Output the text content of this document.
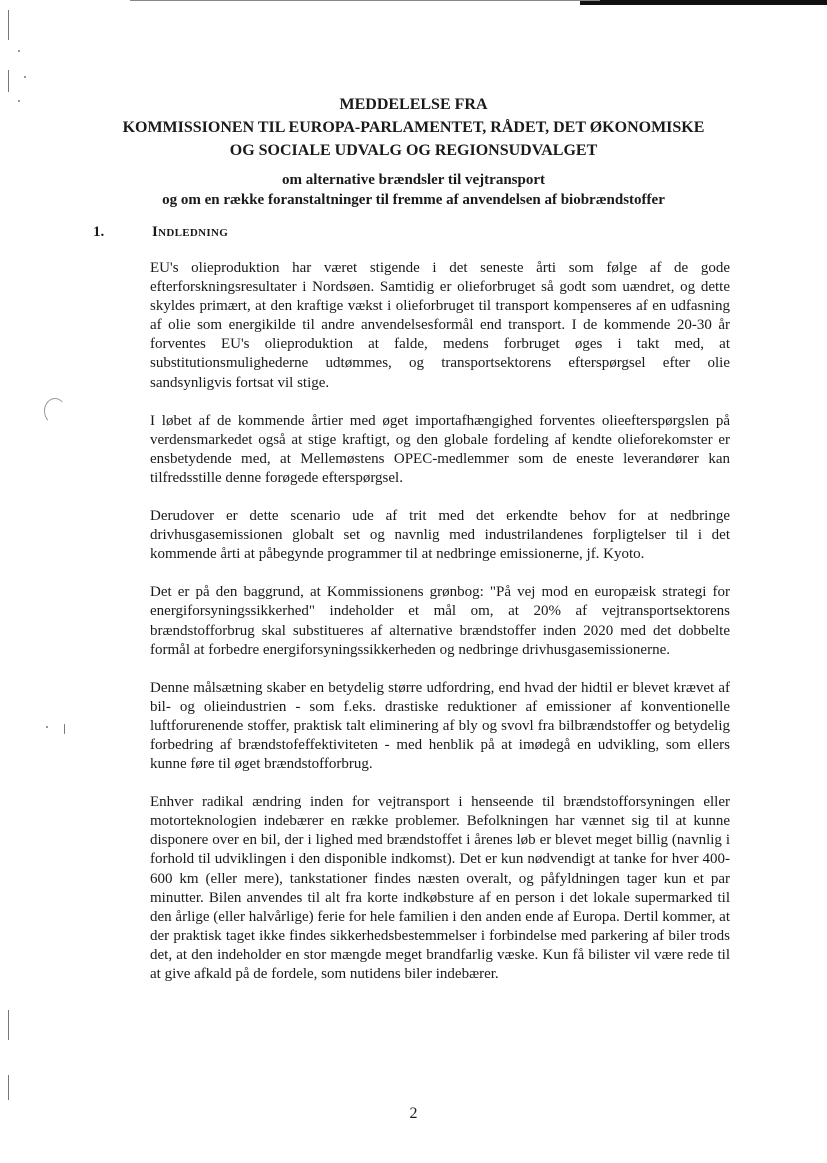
MEDDELELSE FRA
KOMMISSIONEN TIL EUROPA-PARLAMENTET, RÅDET, DET ØKONOMISKE
OG SOCIALE UDVALG OG REGIONSUDVALGET
om alternative brændsler til vejtransport
og om en række foranstaltninger til fremme af anvendelsen af biobrændstoffer
1.	Indledning

EU's olieproduktion har været stigende i det seneste årti som følge af de gode efterforskningsresultater i Nordsøen. Samtidig er olieforbruget så godt som uændret, og dette skyldes primært, at den kraftige vækst i olieforbruget til transport kompenseres af en udfasning af olie som energikilde til andre anvendelsesformål end transport. I de kommende 20-30 år forventes EU's olieproduktion at falde, medens forbruget øges i takt med, at substitutionsmulighederne udtømmes, og transportsektorens efterspørgsel efter olie sandsynligvis fortsat vil stige.

I løbet af de kommende årtier med øget importafhængighed forventes olieefterspørgslen på verdensmarkedet også at stige kraftigt, og den globale fordeling af kendte olieforekomster er ensbetydende med, at Mellemøstens OPEC-medlemmer som de eneste leverandører kan tilfredsstille denne forøgede efterspørgsel.

Derudover er dette scenario ude af trit med det erkendte behov for at nedbringe drivhusgasemissionen globalt set og navnlig med industrilandenes forpligtelser til i det kommende årti at påbegynde programmer til at nedbringe emissionerne, jf. Kyoto.

Det er på den baggrund, at Kommissionens grønbog: "På vej mod en europæisk strategi for energiforsyningssikkerhed" indeholder et mål om, at 20% af vejtransportsektorens brændstofforbrug skal substitueres af alternative brændstoffer inden 2020 med det dobbelte formål at forbedre energiforsyningssikkerheden og nedbringe drivhusgasemissionerne.

Denne målsætning skaber en betydelig større udfordring, end hvad der hidtil er blevet krævet af bil- og olieindustrien - som f.eks. drastiske reduktioner af emissioner af konventionelle luftforurenende stoffer, praktisk talt eliminering af bly og svovl fra bilbrændstoffer og betydelig forbedring af brændstofeffektiviteten - med henblik på at imødegå en udvikling, som ellers kunne føre til øget brændstofforbrug.

Enhver radikal ændring inden for vejtransport i henseende til brændstofforsyningen eller motorteknologien indebærer en række problemer. Befolkningen har vænnet sig til at kunne disponere over en bil, der i lighed med brændstoffet i årenes løb er blevet meget billig (navnlig i forhold til udviklingen i den disponible indkomst). Det er kun nødvendigt at tanke for hver 400-600 km (eller mere), tankstationer findes næsten overalt, og påfyldningen tager kun et par minutter. Bilen anvendes til alt fra korte indkøbsture af en person i det lokale supermarked til den årlige (eller halvårlige) ferie for hele familien i den anden ende af Europa. Dertil kommer, at der praktisk taget ikke findes sikkerhedsbestemmelser i forbindelse med parkering af biler trods det, at den indeholder en stor mængde meget brandfarlig væske. Kun få bilister vil være rede til at give afkald på de fordele, som nutidens biler indebærer.

2
